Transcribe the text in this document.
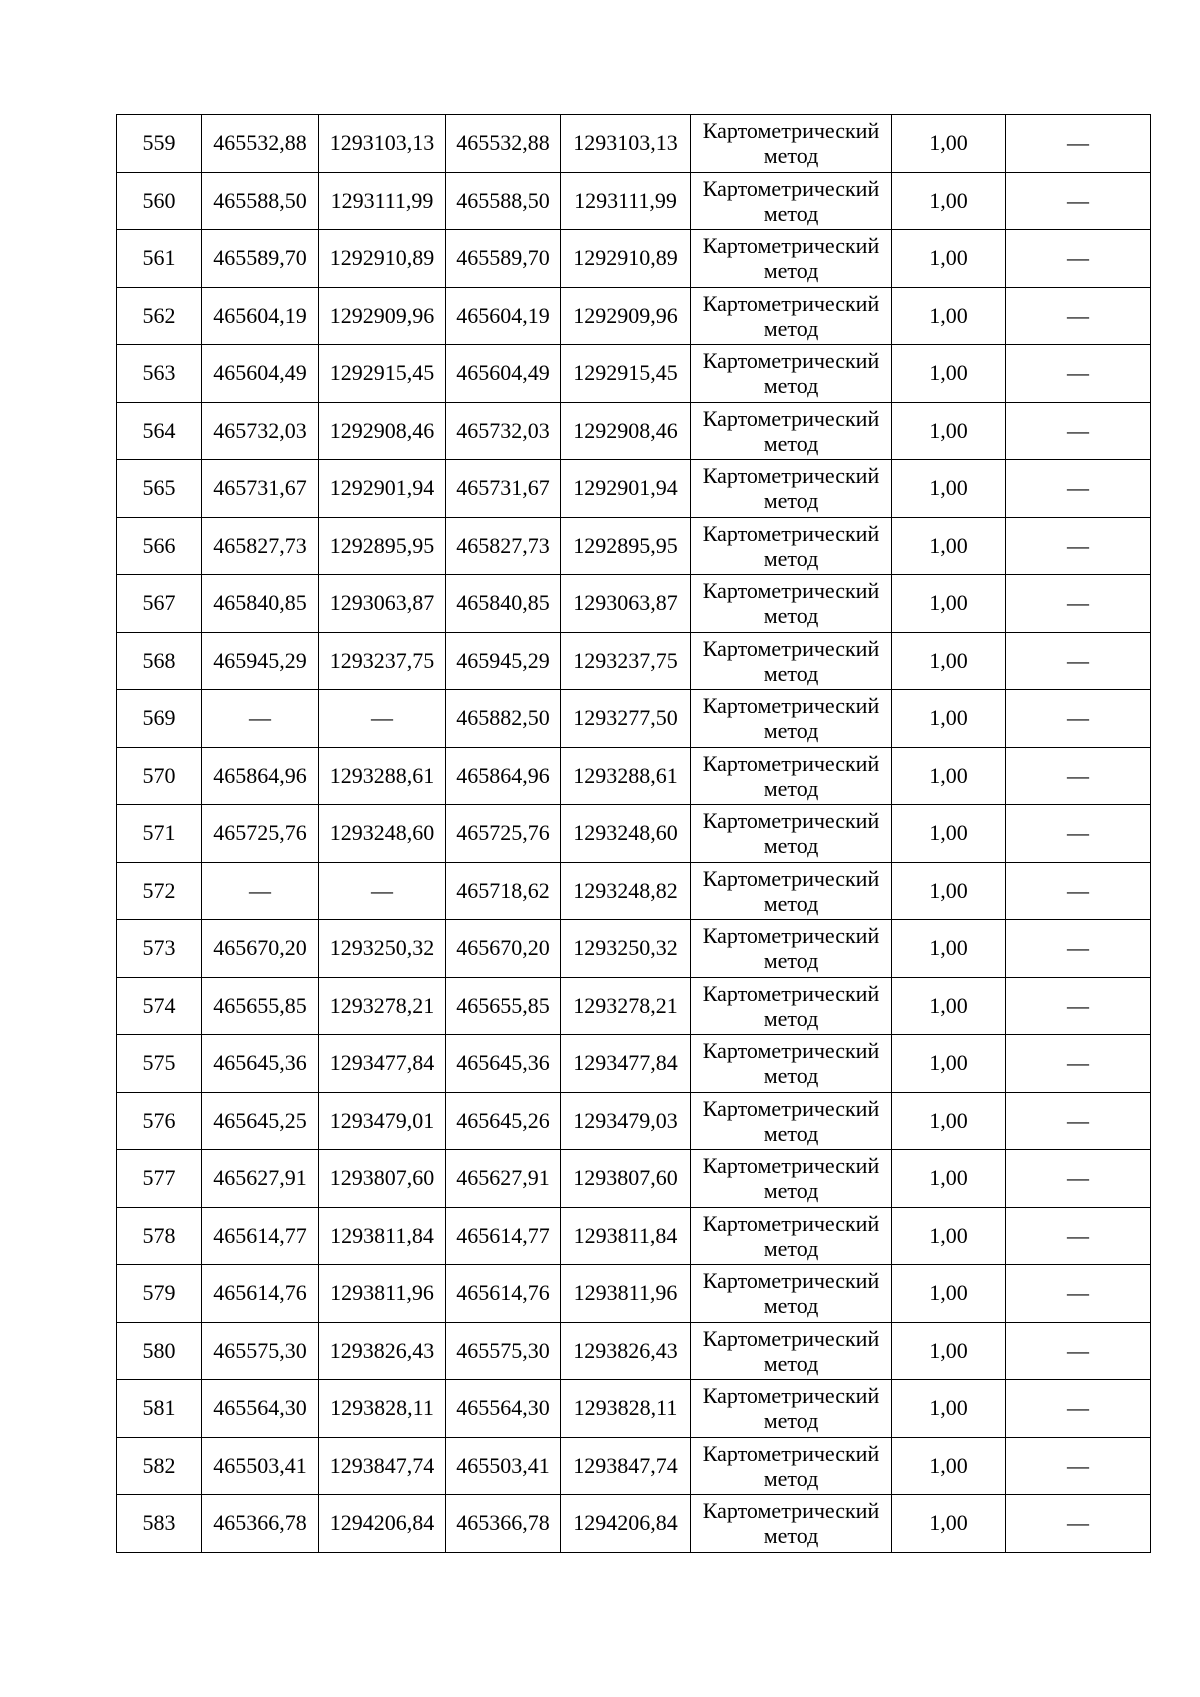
559	465532,88	1293103,13	465532,88	1293103,13	Картометрический
метод	1,00	—
560	465588,50	1293111,99	465588,50	1293111,99	Картометрический
метод	1,00	—
561	465589,70	1292910,89	465589,70	1292910,89	Картометрический
метод	1,00	—
562	465604,19	1292909,96	465604,19	1292909,96	Картометрический
метод	1,00	—
563	465604,49	1292915,45	465604,49	1292915,45	Картометрический
метод	1,00	—
564	465732,03	1292908,46	465732,03	1292908,46	Картометрический
метод	1,00	—
565	465731,67	1292901,94	465731,67	1292901,94	Картометрический
метод	1,00	—
566	465827,73	1292895,95	465827,73	1292895,95	Картометрический
метод	1,00	—
567	465840,85	1293063,87	465840,85	1293063,87	Картометрический
метод	1,00	—
568	465945,29	1293237,75	465945,29	1293237,75	Картометрический
метод	1,00	—
569	—	—	465882,50	1293277,50	Картометрический
метод	1,00	—
570	465864,96	1293288,61	465864,96	1293288,61	Картометрический
метод	1,00	—
571	465725,76	1293248,60	465725,76	1293248,60	Картометрический
метод	1,00	—
572	—	—	465718,62	1293248,82	Картометрический
метод	1,00	—
573	465670,20	1293250,32	465670,20	1293250,32	Картометрический
метод	1,00	—
574	465655,85	1293278,21	465655,85	1293278,21	Картометрический
метод	1,00	—
575	465645,36	1293477,84	465645,36	1293477,84	Картометрический
метод	1,00	—
576	465645,25	1293479,01	465645,26	1293479,03	Картометрический
метод	1,00	—
577	465627,91	1293807,60	465627,91	1293807,60	Картометрический
метод	1,00	—
578	465614,77	1293811,84	465614,77	1293811,84	Картометрический
метод	1,00	—
579	465614,76	1293811,96	465614,76	1293811,96	Картометрический
метод	1,00	—
580	465575,30	1293826,43	465575,30	1293826,43	Картометрический
метод	1,00	—
581	465564,30	1293828,11	465564,30	1293828,11	Картометрический
метод	1,00	—
582	465503,41	1293847,74	465503,41	1293847,74	Картометрический
метод	1,00	—
583	465366,78	1294206,84	465366,78	1294206,84	Картометрический
метод	1,00	—
